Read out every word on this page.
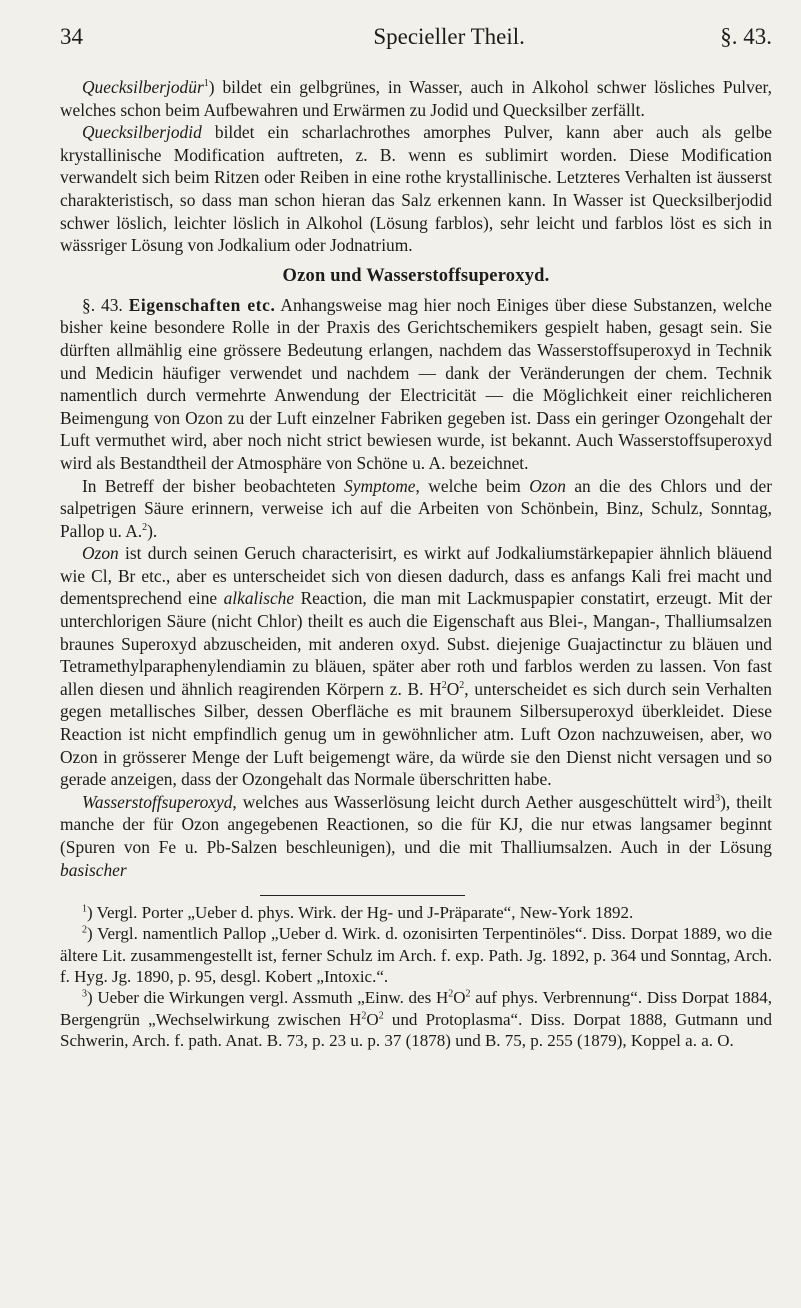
34	Specieller Theil.	§. 43.

Quecksilberjodür$^1$) bildet ein gelbgrünes, in Wasser, auch in Alkohol schwer lösliches Pulver, welches schon beim Aufbewahren und Erwärmen zu Jodid und Quecksilber zerfällt.

Quecksilberjodid bildet ein scharlachrothes amorphes Pulver, kann aber auch als gelbe krystallinische Modification auftreten, z. B. wenn es sublimirt worden. Diese Modification verwandelt sich beim Ritzen oder Reiben in eine rothe krystallinische. Letzteres Verhalten ist äusserst charakteristisch, so dass man schon hieran das Salz erkennen kann. In Wasser ist Quecksilberjodid schwer löslich, leichter löslich in Alkohol (Lösung farblos), sehr leicht und farblos löst es sich in wässriger Lösung von Jodkalium oder Jodnatrium.

Ozon und Wasserstoffsuperoxyd.

§. 43. Eigenschaften etc. Anhangsweise mag hier noch Einiges über diese Substanzen, welche bisher keine besondere Rolle in der Praxis des Gerichtschemikers gespielt haben, gesagt sein. Sie dürften allmählig eine grössere Bedeutung erlangen, nachdem das Wasserstoffsuperoxyd in Technik und Medicin häufiger verwendet und nachdem — dank der Veränderungen der chem. Technik namentlich durch vermehrte Anwendung der Electricität — die Möglichkeit einer reichlicheren Beimengung von Ozon zu der Luft einzelner Fabriken gegeben ist. Dass ein geringer Ozongehalt der Luft vermuthet wird, aber noch nicht strict bewiesen wurde, ist bekannt. Auch Wasserstoffsuperoxyd wird als Bestandtheil der Atmosphäre von Schöne u. A. bezeichnet.

In Betreff der bisher beobachteten Symptome, welche beim Ozon an die des Chlors und der salpetrigen Säure erinnern, verweise ich auf die Arbeiten von Schönbein, Binz, Schulz, Sonntag, Pallop u. A.$^2$).

Ozon ist durch seinen Geruch characterisirt, es wirkt auf Jodkaliumstärkepapier ähnlich bläuend wie Cl, Br etc., aber es unterscheidet sich von diesen dadurch, dass es anfangs Kali frei macht und dementsprechend eine alkalische Reaction, die man mit Lackmuspapier constatirt, erzeugt. Mit der unterchlorigen Säure (nicht Chlor) theilt es auch die Eigenschaft aus Blei-, Mangan-, Thalliumsalzen braunes Superoxyd abzuscheiden, mit anderen oxyd. Subst. diejenige Guajactinctur zu bläuen und Tetramethylparaphenylendiamin zu bläuen, später aber roth und farblos werden zu lassen. Von fast allen diesen und ähnlich reagirenden Körpern z. B. $H^2O^2$, unterscheidet es sich durch sein Verhalten gegen metallisches Silber, dessen Oberfläche es mit braunem Silbersuperoxyd überkleidet. Diese Reaction ist nicht empfindlich genug um in gewöhnlicher atm. Luft Ozon nachzuweisen, aber, wo Ozon in grösserer Menge der Luft beigemengt wäre, da würde sie den Dienst nicht versagen und so gerade anzeigen, dass der Ozongehalt das Normale überschritten habe.

Wasserstoffsuperoxyd, welches aus Wasserlösung leicht durch Aether ausgeschüttelt wird$^3$), theilt manche der für Ozon angegebenen Reactionen, so die für KJ, die nur etwas langsamer beginnt (Spuren von Fe u. Pb-Salzen beschleunigen), und die mit Thalliumsalzen. Auch in der Lösung basischer

$^1$) Vergl. Porter „Ueber d. phys. Wirk. der Hg- und J-Präparate“, New-York 1892.

$^2$) Vergl. namentlich Pallop „Ueber d. Wirk. d. ozonisirten Terpentinöles“. Diss. Dorpat 1889, wo die ältere Lit. zusammengestellt ist, ferner Schulz im Arch. f. exp. Path. Jg. 1892, p. 364 und Sonntag, Arch. f. Hyg. Jg. 1890, p. 95, desgl. Kobert „Intoxic.“.

$^3$) Ueber die Wirkungen vergl. Assmuth „Einw. des $H^2O^2$ auf phys. Verbrennung“. Diss Dorpat 1884, Bergengrün „Wechselwirkung zwischen $H^2O^2$ und Protoplasma“. Diss. Dorpat 1888, Gutmann und Schwerin, Arch. f. path. Anat. B. 73, p. 23 u. p. 37 (1878) und B. 75, p. 255 (1879), Koppel a. a. O.
